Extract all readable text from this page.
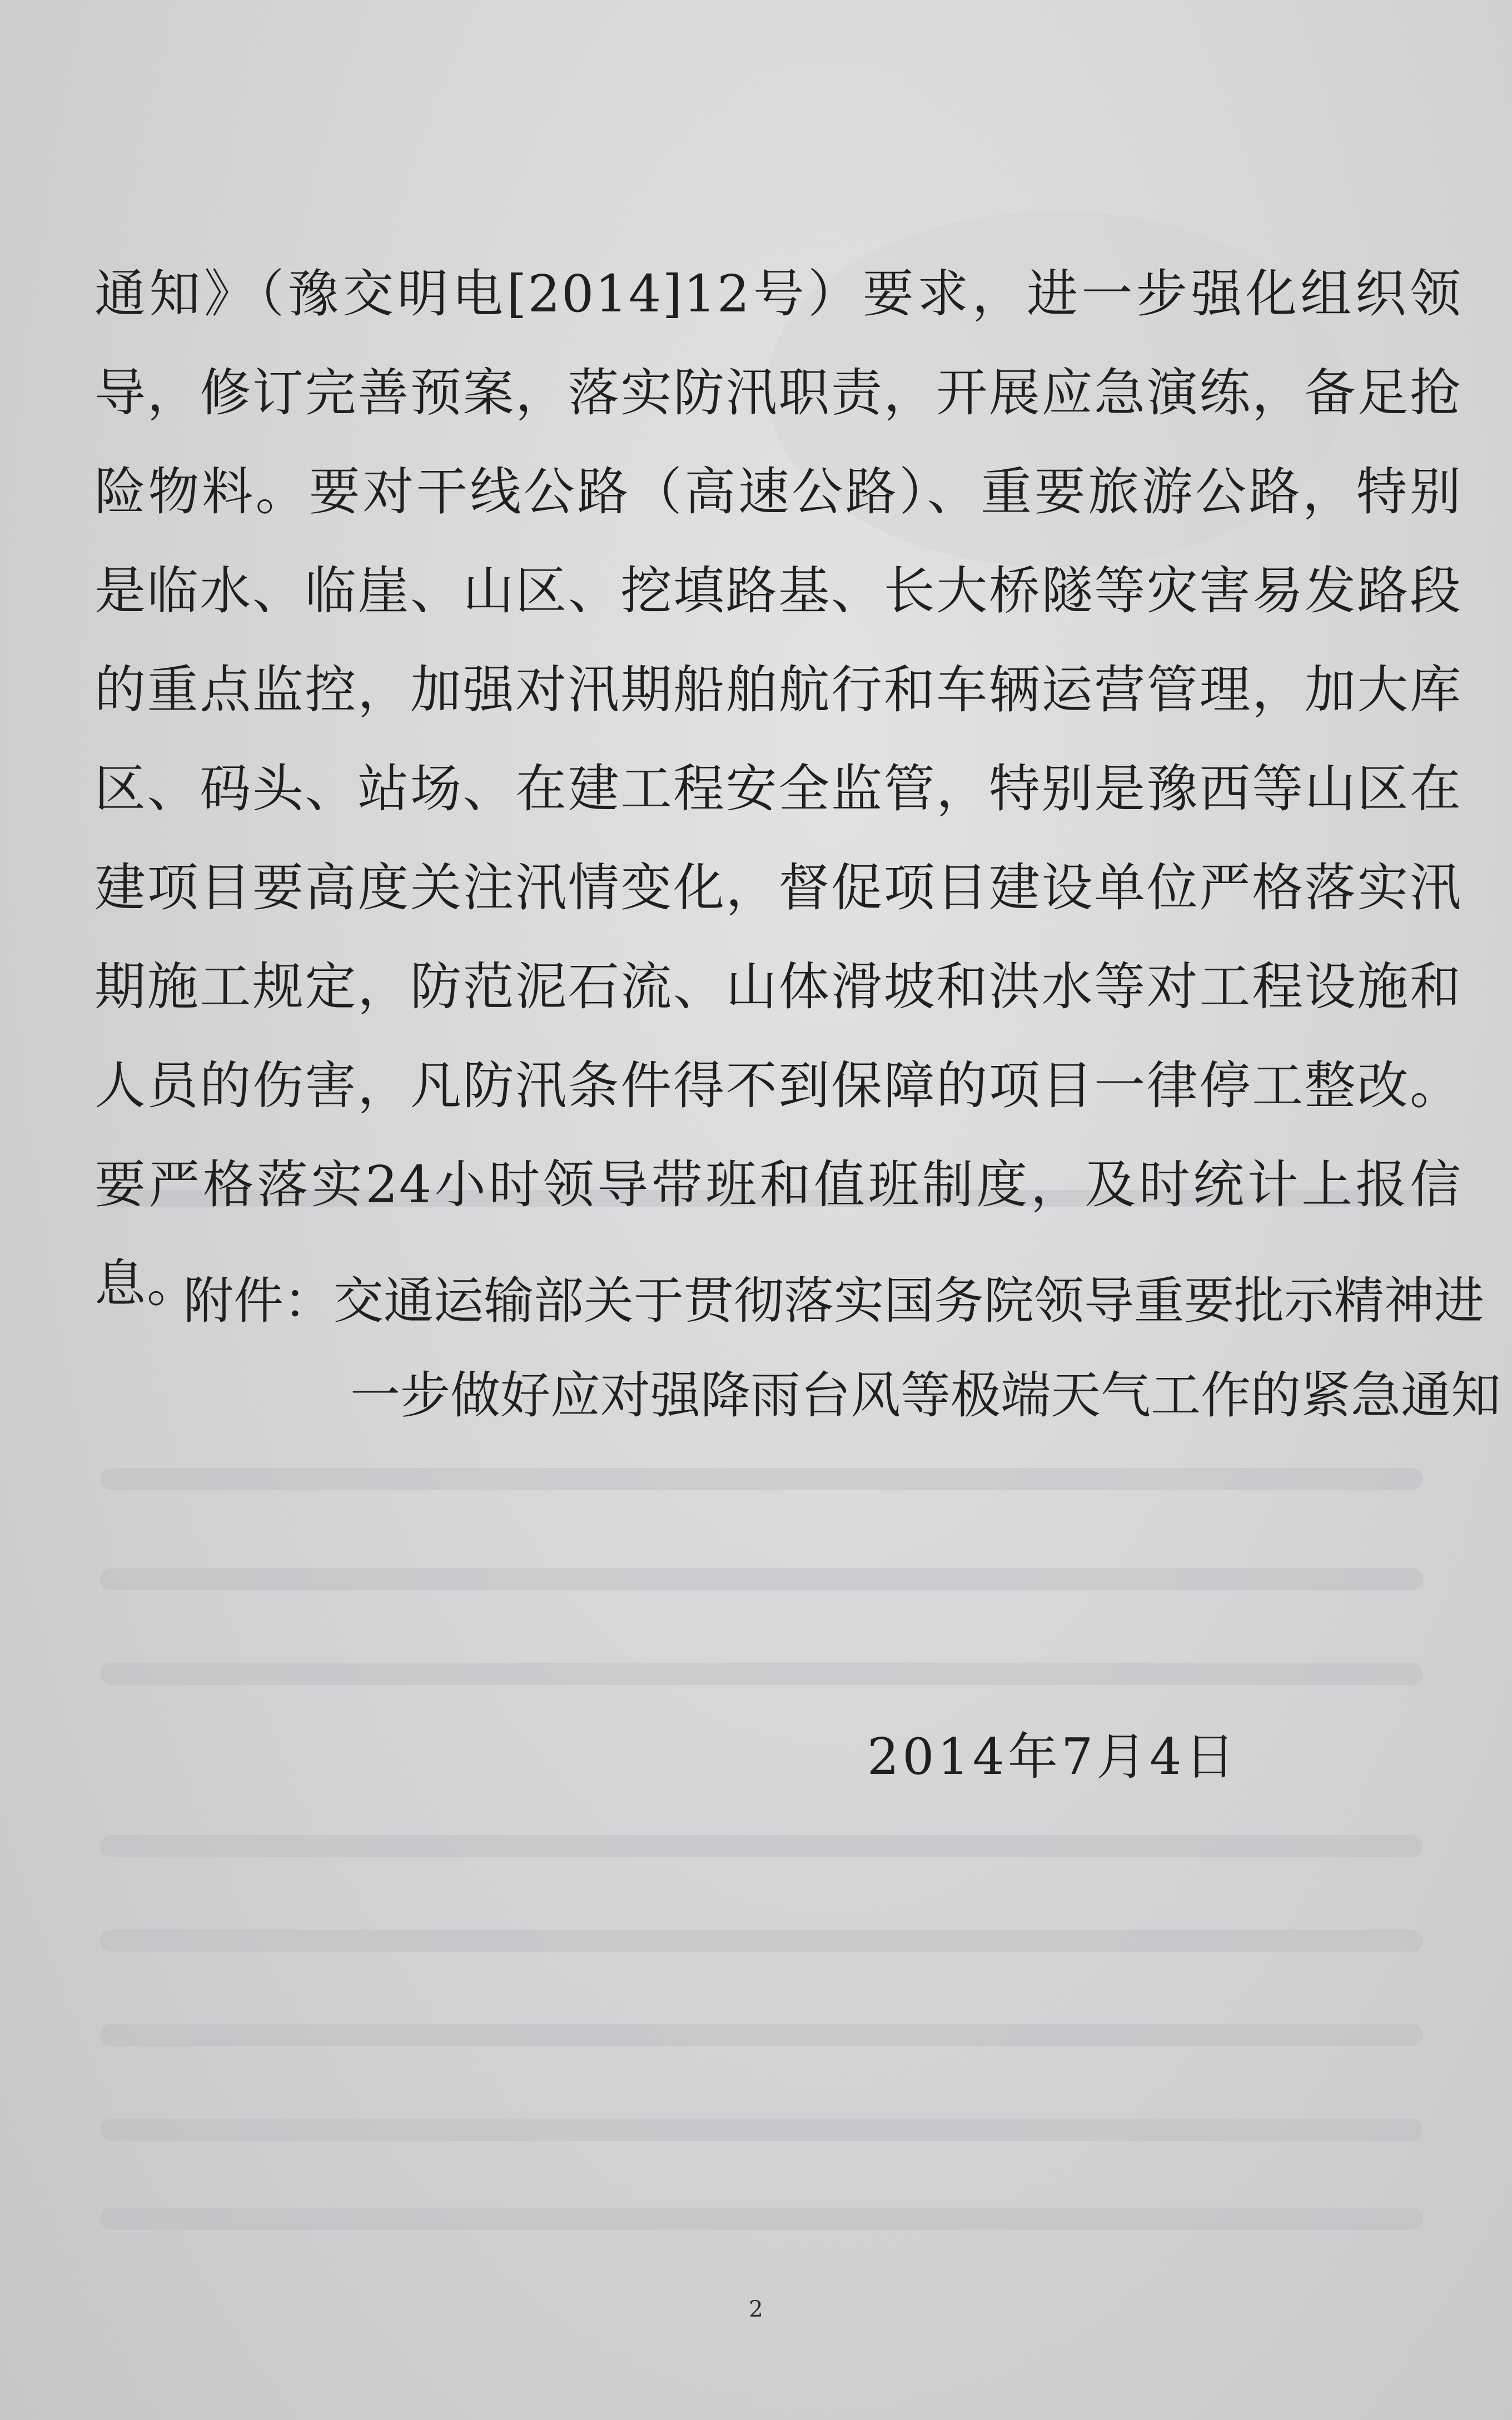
通知》（豫交明电[2014]12号）要求，进一步强化组织领导，修订完善预案，落实防汛职责，开展应急演练，备足抢险物料。要对干线公路（高速公路）、重要旅游公路，特别是临水、临崖、山区、挖填路基、长大桥隧等灾害易发路段的重点监控，加强对汛期船舶航行和车辆运营管理，加大库区、码头、站场、在建工程安全监管，特别是豫西等山区在建项目要高度关注汛情变化，督促项目建设单位严格落实汛期施工规定，防范泥石流、山体滑坡和洪水等对工程设施和人员的伤害，凡防汛条件得不到保障的项目一律停工整改。要严格落实24小时领导带班和值班制度，及时统计上报信息。

附件：交通运输部关于贯彻落实国务院领导重要批示精神进
一步做好应对强降雨台风等极端天气工作的紧急通知
2014年7月4日
2
